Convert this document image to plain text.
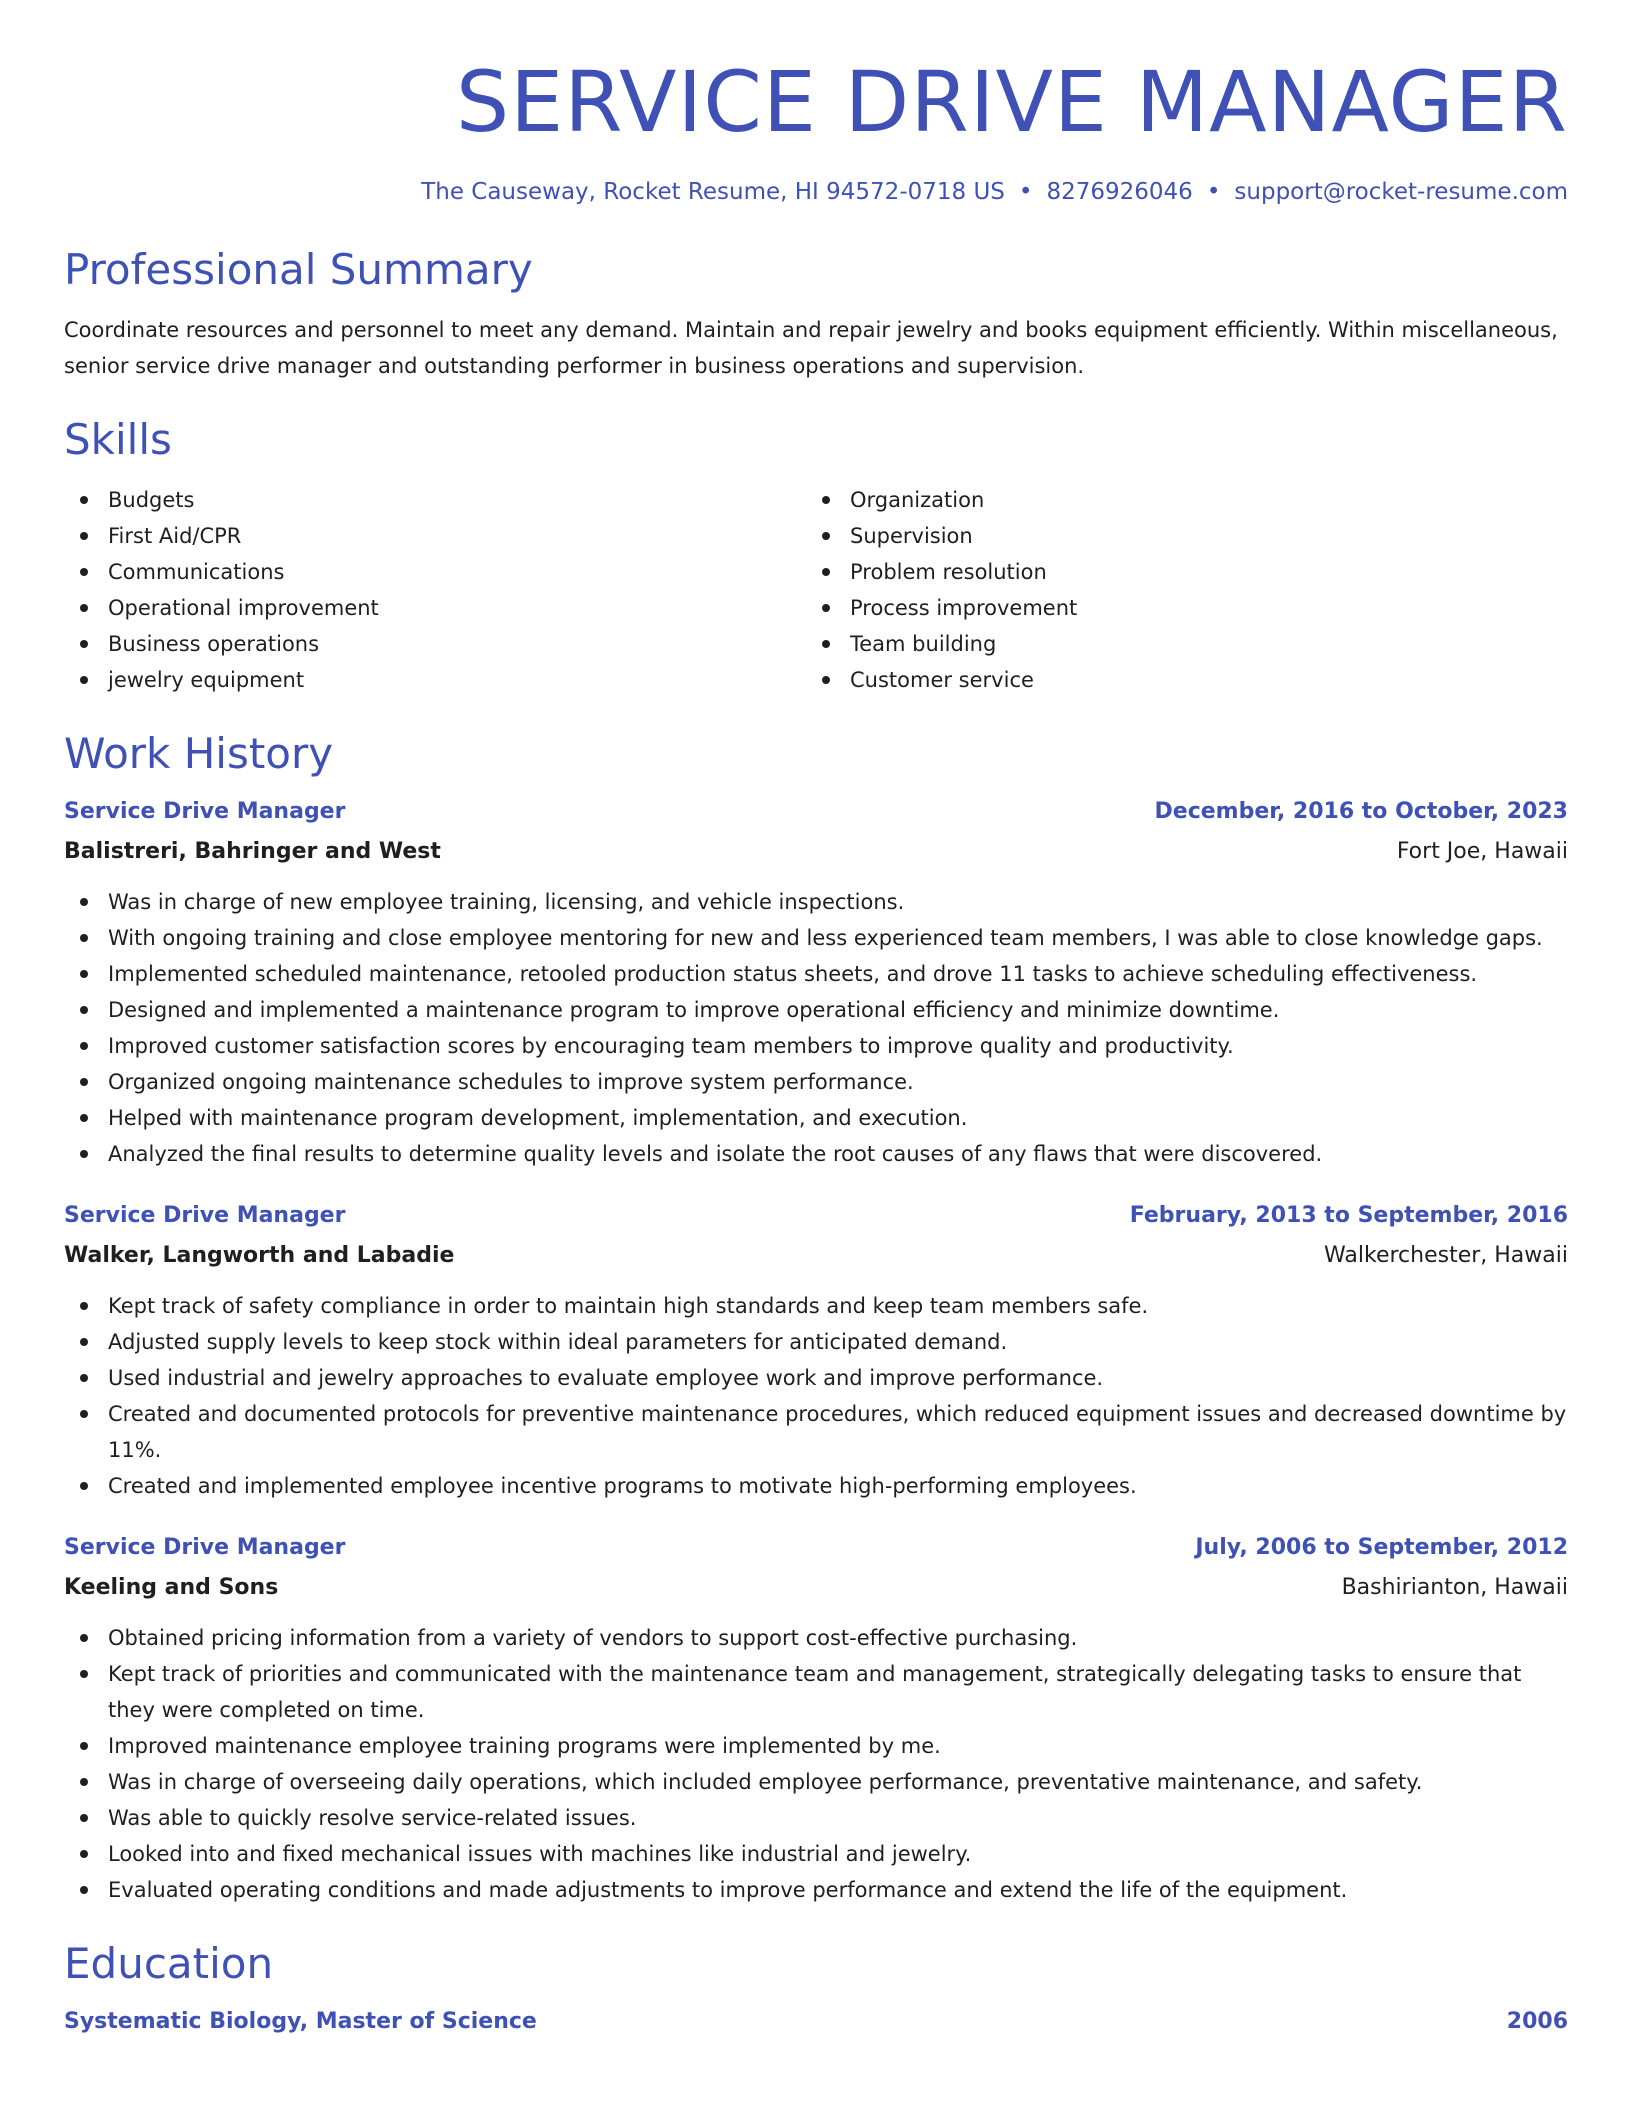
SERVICE DRIVE MANAGER
The Causeway, Rocket Resume, HI 94572-0718 US • 8276926046 • support@rocket-resume.com
Professional Summary

Coordinate resources and personnel to meet any demand. Maintain and repair jewelry and books equipment efficiently. Within miscellaneous, senior service drive manager and outstanding performer in business operations and supervision.

Skills
Budgets
First Aid/CPR
Communications
Operational improvement
Business operations
jewelry equipment
Organization
Supervision
Problem resolution
Process improvement
Team building
Customer service
Work History
Service Drive Manager	December, 2016 to October, 2023
Balistreri, Bahringer and West	Fort Joe, Hawaii
Was in charge of new employee training, licensing, and vehicle inspections.
With ongoing training and close employee mentoring for new and less experienced team members, I was able to close knowledge gaps.
Implemented scheduled maintenance, retooled production status sheets, and drove 11 tasks to achieve scheduling effectiveness.
Designed and implemented a maintenance program to improve operational efficiency and minimize downtime.
Improved customer satisfaction scores by encouraging team members to improve quality and productivity.
Organized ongoing maintenance schedules to improve system performance.
Helped with maintenance program development, implementation, and execution.
Analyzed the final results to determine quality levels and isolate the root causes of any flaws that were discovered.
Service Drive Manager	February, 2013 to September, 2016
Walker, Langworth and Labadie	Walkerchester, Hawaii
Kept track of safety compliance in order to maintain high standards and keep team members safe.
Adjusted supply levels to keep stock within ideal parameters for anticipated demand.
Used industrial and jewelry approaches to evaluate employee work and improve performance.
Created and documented protocols for preventive maintenance procedures, which reduced equipment issues and decreased downtime by 11%.
Created and implemented employee incentive programs to motivate high-performing employees.
Service Drive Manager	July, 2006 to September, 2012
Keeling and Sons	Bashirianton, Hawaii
Obtained pricing information from a variety of vendors to support cost-effective purchasing.
Kept track of priorities and communicated with the maintenance team and management, strategically delegating tasks to ensure that they were completed on time.
Improved maintenance employee training programs were implemented by me.
Was in charge of overseeing daily operations, which included employee performance, preventative maintenance, and safety.
Was able to quickly resolve service-related issues.
Looked into and fixed mechanical issues with machines like industrial and jewelry.
Evaluated operating conditions and made adjustments to improve performance and extend the life of the equipment.
Education
Systematic Biology, Master of Science	2006
